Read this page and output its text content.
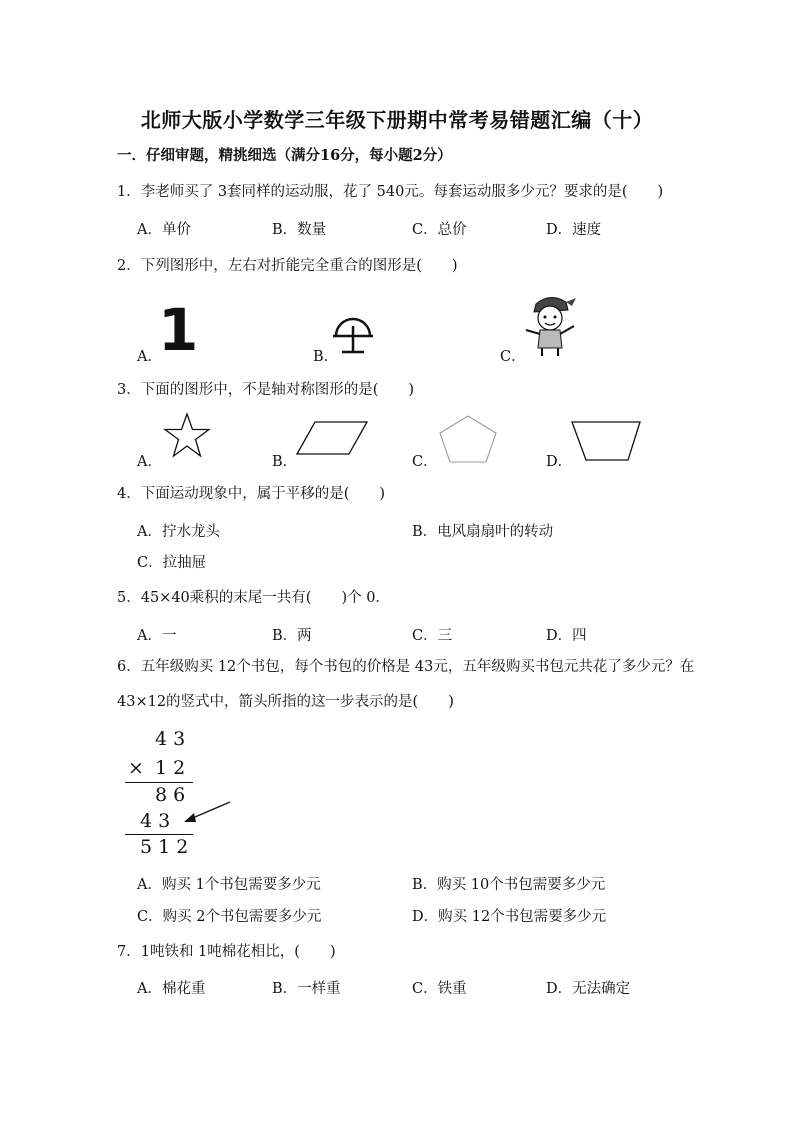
北师大版小学数学三年级下册期中常考易错题汇编（十）
一．仔细审题，精挑细选（满分16分，每小题2分）
1．李老师买了 3套同样的运动服，花了 540元。每套运动服多少元？要求的是( )
A．单价	B．数量	C．总价	D．速度
2．下列图形中，左右对折能完全重合的图形是( )
A．
1	B．	C．
3．下面的图形中，不是轴对称图形的是( )
A．	B．	C．	D．
4．下面运动现象中，属于平移的是( )
A．拧水龙头	B．电风扇扇叶的转动
C．拉抽屉
5．45×40乘积的末尾一共有( )个 0．
A．一	B．两	C．三	D．四
6．五年级购买 12个书包，每个书包的价格是 43元，五年级购买书包元共花了多少元？在
43×12的竖式中，箭头所指的这一步表示的是( )
4 3
× 1 2
8 6
4 3
5 1 2
A．购买 1个书包需要多少元	B．购买 10个书包需要多少元
C．购买 2个书包需要多少元	D．购买 12个书包需要多少元
7．1吨铁和 1吨棉花相比，( )
A．棉花重	B．一样重	C．铁重	D．无法确定
